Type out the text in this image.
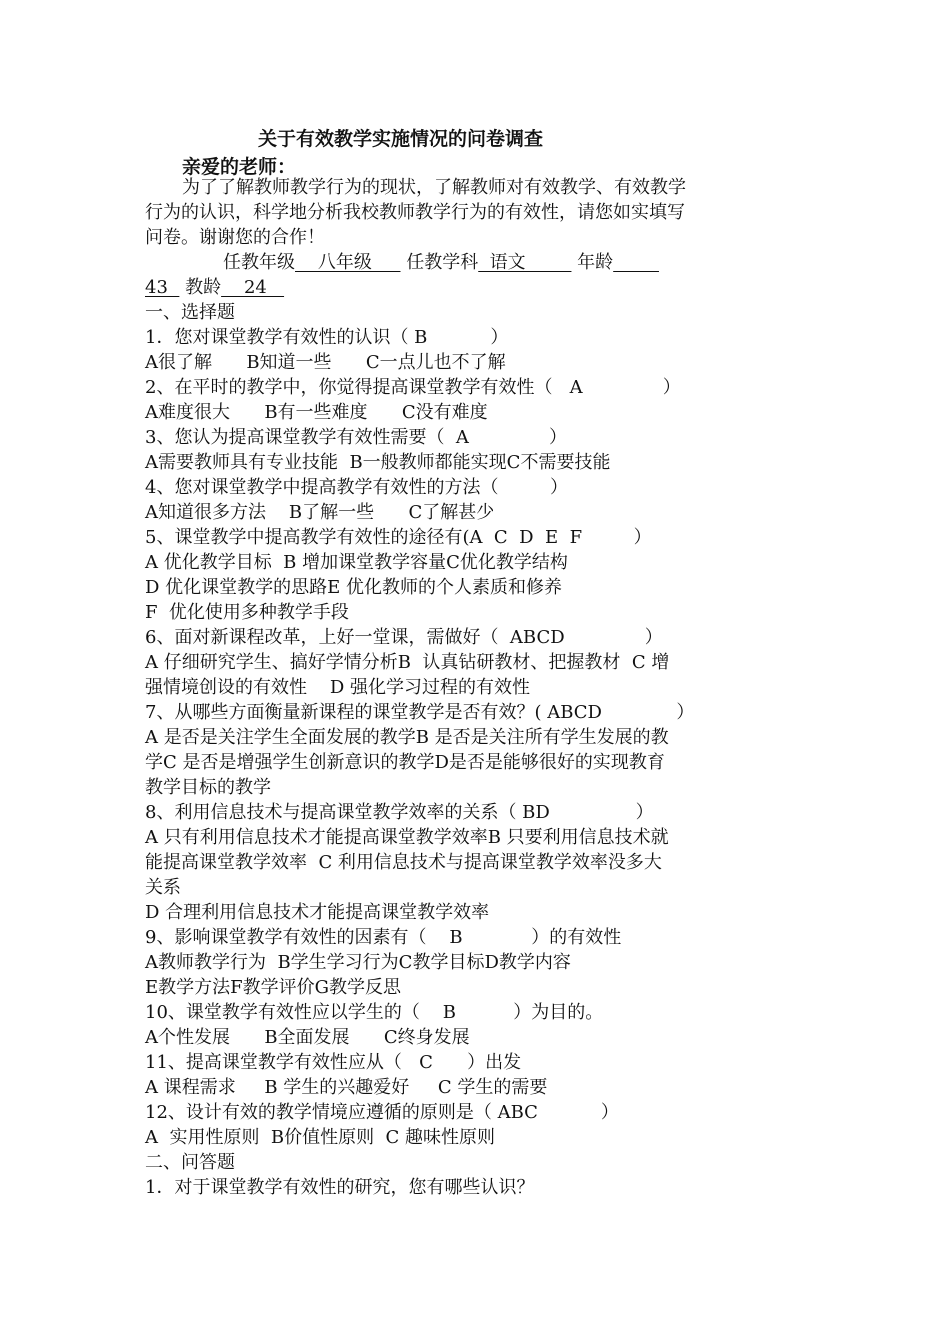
关于有效教学实施情况的问卷调查
亲爱的老师：
为了了解教师教学行为的现状，了解教师对有效教学、有效教学
行为的认识，科学地分析我校教师教学行为的有效性，请您如实填写
问卷。谢谢您的合作！
任教年级    八年级      任教学科  语文         年龄
43   教龄    24
一、选择题
1．您对课堂教学有效性的认识（ B           ）
A很了解      B知道一些      C一点儿也不了解
2、在平时的教学中，你觉得提高课堂教学有效性（   A              ）
A难度很大      B有一些难度      C没有难度
3、您认为提高课堂教学有效性需要（  A              ）
A需要教师具有专业技能  B一般教师都能实现C不需要技能
4、您对课堂教学中提高教学有效性的方法（         ）
A知道很多方法    B了解一些      C了解甚少
5、课堂教学中提高教学有效性的途径有(A  C  D  E  F         ）
A 优化教学目标  B 增加课堂教学容量C优化教学结构
D 优化课堂教学的思路E 优化教师的个人素质和修养
F  优化使用多种教学手段
6、面对新课程改革，上好一堂课，需做好（  ABCD              ）
A 仔细研究学生、搞好学情分析B  认真钻研教材、把握教材  C 增
强情境创设的有效性    D 强化学习过程的有效性
7、从哪些方面衡量新课程的课堂教学是否有效？( ABCD             ）
A 是否是关注学生全面发展的教学B 是否是关注所有学生发展的教
学C 是否是增强学生创新意识的教学D是否是能够很好的实现教育
教学目标的教学
8、利用信息技术与提高课堂教学效率的关系（ BD               ）
A 只有利用信息技术才能提高课堂教学效率B 只要利用信息技术就
能提高课堂教学效率  C 利用信息技术与提高课堂教学效率没多大
关系
D 合理利用信息技术才能提高课堂教学效率
9、影响课堂教学有效性的因素有（    B            ）的有效性
A教师教学行为  B学生学习行为C教学目标D教学内容
E教学方法F教学评价G教学反思
10、课堂教学有效性应以学生的（    B          ）为目的。
A个性发展      B全面发展      C终身发展
11、提高课堂教学有效性应从（   C      ）出发
A 课程需求     B 学生的兴趣爱好     C 学生的需要
12、设计有效的教学情境应遵循的原则是（ ABC           ）
A  实用性原则  B价值性原则  C 趣味性原则
二、问答题
1．对于课堂教学有效性的研究，您有哪些认识？
